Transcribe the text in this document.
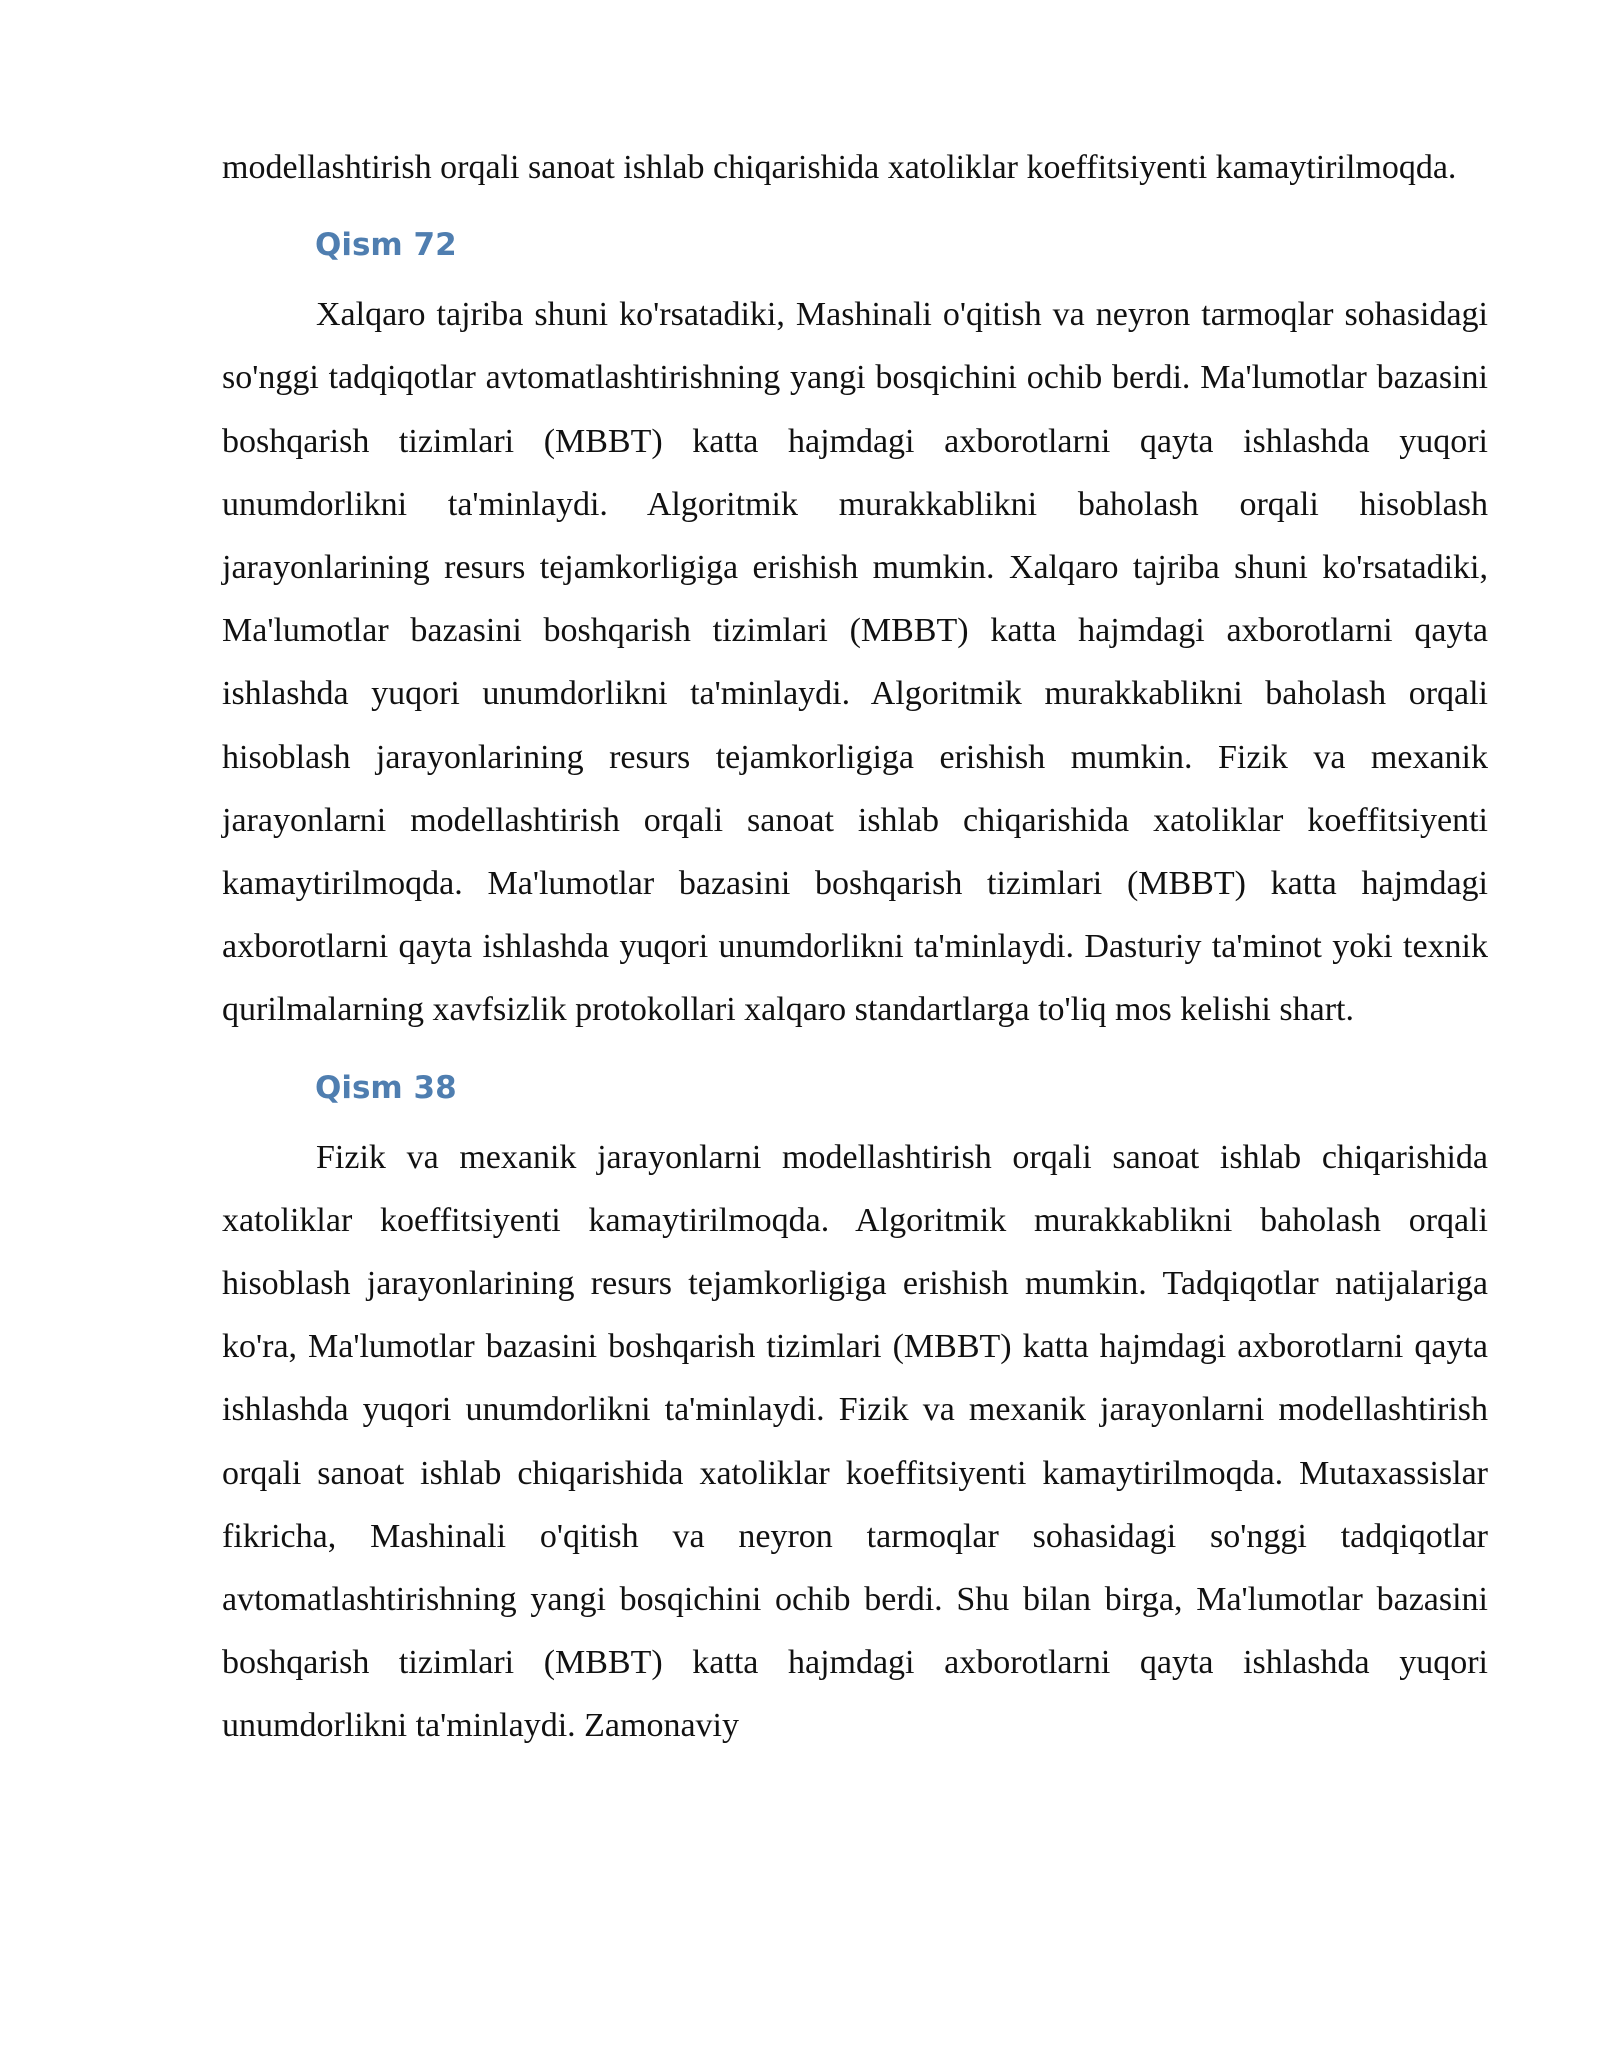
modellashtirish orqali sanoat ishlab chiqarishida xatoliklar koeffitsiyenti kamaytirilmoqda.

Qism 72

Xalqaro tajriba shuni ko'rsatadiki, Mashinali o'qitish va neyron tarmoqlar sohasidagi so'nggi tadqiqotlar avtomatlashtirishning yangi bosqichini ochib berdi. Ma'lumotlar bazasini boshqarish tizimlari (MBBT) katta hajmdagi axborotlarni qayta ishlashda yuqori unumdorlikni ta'minlaydi. Algoritmik murakkablikni baholash orqali hisoblash jarayonlarining resurs tejamkorligiga erishish mumkin. Xalqaro tajriba shuni ko'rsatadiki, Ma'lumotlar bazasini boshqarish tizimlari (MBBT) katta hajmdagi axborotlarni qayta ishlashda yuqori unumdorlikni ta'minlaydi. Algoritmik murakkablikni baholash orqali hisoblash jarayonlarining resurs tejamkorligiga erishish mumkin. Fizik va mexanik jarayonlarni modellashtirish orqali sanoat ishlab chiqarishida xatoliklar koeffitsiyenti kamaytirilmoqda. Ma'lumotlar bazasini boshqarish tizimlari (MBBT) katta hajmdagi axborotlarni qayta ishlashda yuqori unumdorlikni ta'minlaydi. Dasturiy ta'minot yoki texnik qurilmalarning xavfsizlik protokollari xalqaro standartlarga to'liq mos kelishi shart.

Qism 38

Fizik va mexanik jarayonlarni modellashtirish orqali sanoat ishlab chiqarishida xatoliklar koeffitsiyenti kamaytirilmoqda. Algoritmik murakkablikni baholash orqali hisoblash jarayonlarining resurs tejamkorligiga erishish mumkin. Tadqiqotlar natijalariga ko'ra, Ma'lumotlar bazasini boshqarish tizimlari (MBBT) katta hajmdagi axborotlarni qayta ishlashda yuqori unumdorlikni ta'minlaydi. Fizik va mexanik jarayonlarni modellashtirish orqali sanoat ishlab chiqarishida xatoliklar koeffitsiyenti kamaytirilmoqda. Mutaxassislar fikricha, Mashinali o'qitish va neyron tarmoqlar sohasidagi so'nggi tadqiqotlar avtomatlashtirishning yangi bosqichini ochib berdi. Shu bilan birga, Ma'lumotlar bazasini boshqarish tizimlari (MBBT) katta hajmdagi axborotlarni qayta ishlashda yuqori unumdorlikni ta'minlaydi. Zamonaviy
